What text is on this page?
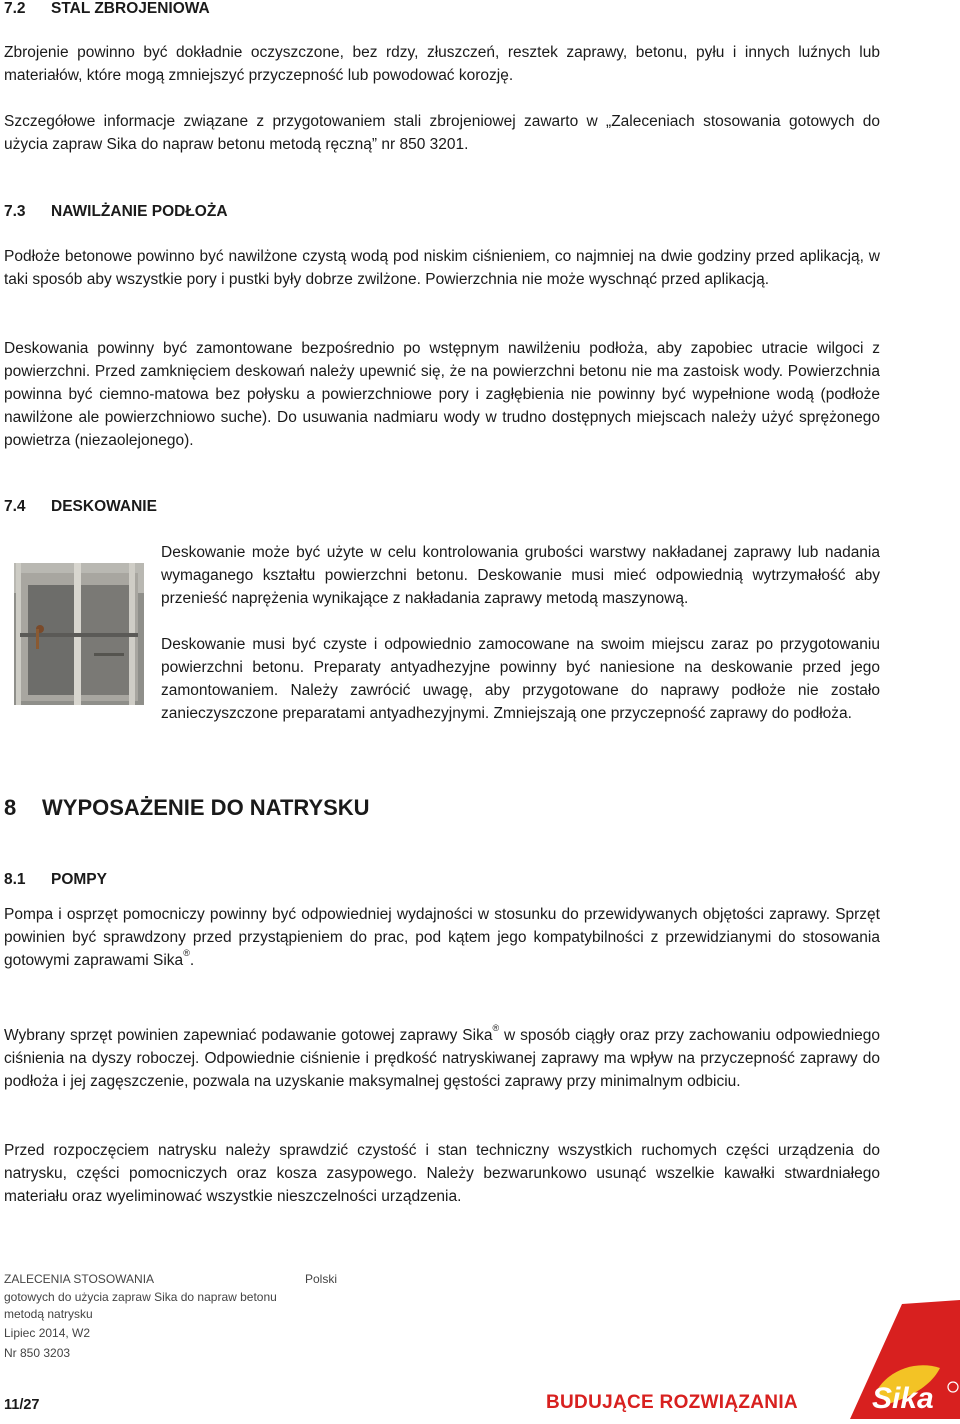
7.2 STAL ZBROJENIOWA
Zbrojenie powinno być dokładnie oczyszczone, bez rdzy, złuszczeń, resztek zaprawy, betonu, pyłu i innych luźnych lub materiałów, które mogą zmniejszyć przyczepność lub powodować korozję.
Szczegółowe informacje związane z przygotowaniem stali zbrojeniowej zawarto w „Zaleceniach stosowania gotowych do użycia zapraw Sika do napraw betonu metodą ręczną” nr 850 3201.
7.3 NAWILŻANIE PODŁOŻA
Podłoże betonowe powinno być nawilżone czystą wodą pod niskim ciśnieniem, co najmniej na dwie godziny przed aplikacją, w taki sposób aby wszystkie pory i pustki były dobrze zwilżone. Powierzchnia nie może wyschnąć przed aplikacją.
Deskowania powinny być zamontowane bezpośrednio po wstępnym nawilżeniu podłoża, aby zapobiec utracie wilgoci z powierzchni. Przed zamknięciem deskowań należy upewnić się, że na powierzchni betonu nie ma zastoisk wody. Powierzchnia powinna być ciemno-matowa bez połysku a powierzchniowe pory i zagłębienia nie powinny być wypełnione wodą (podłoże nawilżone ale powierzchniowo suche). Do usuwania nadmiaru wody w trudno dostępnych miejscach należy użyć sprężonego powietrza (niezaolejonego).
7.4 DESKOWANIE
Deskowanie może być użyte w celu kontrolowania grubości warstwy nakładanej zaprawy lub nadania wymaganego kształtu powierzchni betonu. Deskowanie musi mieć odpowiednią wytrzymałość aby przenieść naprężenia wynikające z nakładania zaprawy metodą maszynową.
Deskowanie musi być czyste i odpowiednio zamocowane na swoim miejscu zaraz po przygotowaniu powierzchni betonu. Preparaty antyadhezyjne powinny być naniesione na deskowanie przed jego zamontowaniem. Należy zawrócić uwagę, aby przygotowane do naprawy podłoże nie zostało zanieczyszczone preparatami antyadhezyjnymi. Zmniejszają one przyczepność zaprawy do podłoża.
8 WYPOSAŻENIE DO NATRYSKU
8.1 POMPY
Pompa i osprzęt pomocniczy powinny być odpowiedniej wydajności w stosunku do przewidywanych objętości zaprawy. Sprzęt powinien być sprawdzony przed przystąpieniem do prac, pod kątem jego kompatybilności z przewidzianymi do stosowania gotowymi zaprawami Sika®.
Wybrany sprzęt powinien zapewniać podawanie gotowej zaprawy Sika® w sposób ciągły oraz przy zachowaniu odpowiedniego ciśnienia na dyszy roboczej. Odpowiednie ciśnienie i prędkość natryskiwanej zaprawy ma wpływ na przyczepność zaprawy do podłoża i jej zagęszczenie, pozwala na uzyskanie maksymalnej gęstości zaprawy przy minimalnym odbiciu.
Przed rozpoczęciem natrysku należy sprawdzić czystość i stan techniczny wszystkich ruchomych części urządzenia do natrysku, części pomocniczych oraz kosza zasypowego. Należy bezwarunkowo usunąć wszelkie kawałki stwardniałego materiału oraz wyeliminować wszystkie nieszczelności urządzenia.
ZALECENIA STOSOWANIA
gotowych do użycia zapraw Sika do napraw betonu
metodą natrysku
Lipiec 2014, W2
Nr 850 3203
Polski
11/27	BUDUJĄCE ROZWIĄZANIA Sika
